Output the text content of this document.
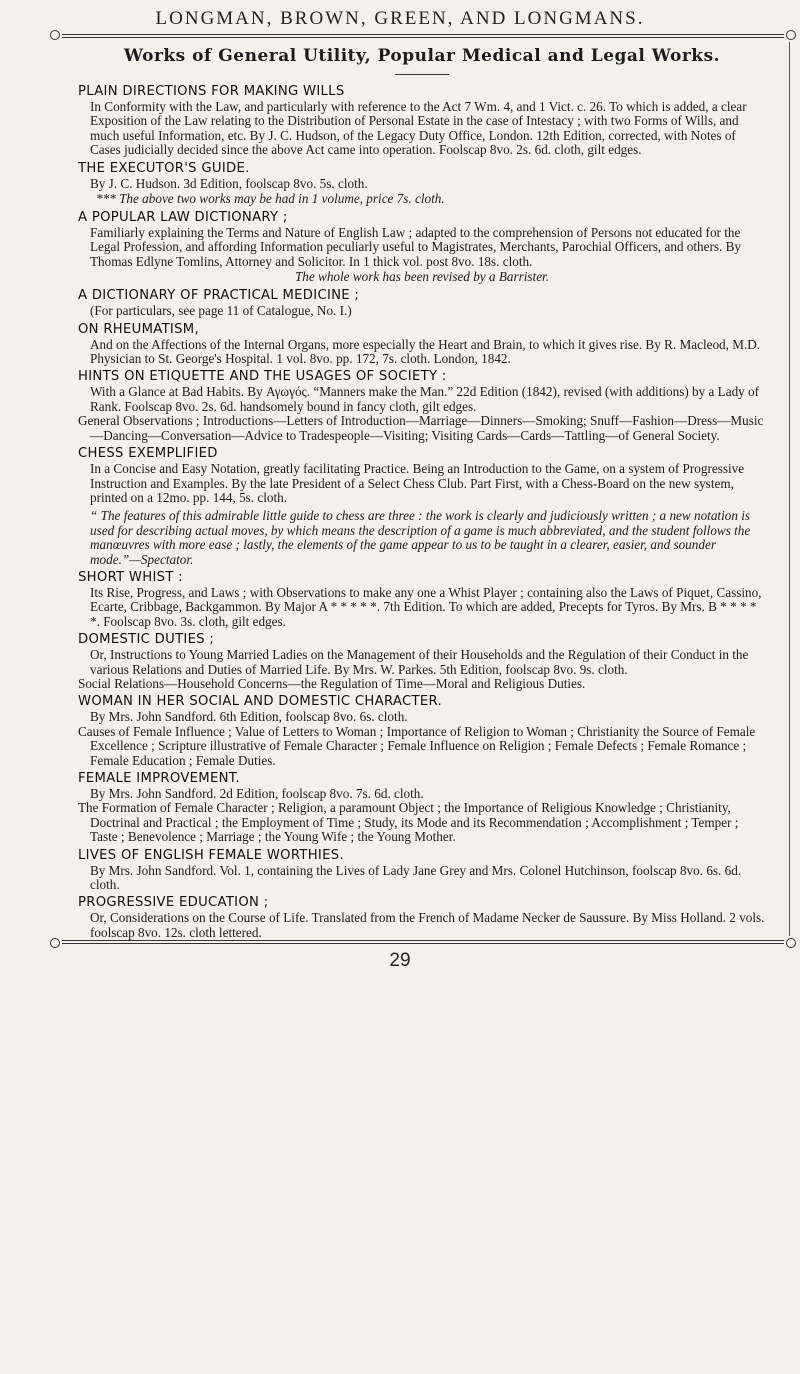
LONGMAN, BROWN, GREEN, AND LONGMANS.
Works of General Utility, Popular Medical and Legal Works.
PLAIN DIRECTIONS FOR MAKING WILLS

In Conformity with the Law, and particularly with reference to the Act 7 Wm. 4, and 1 Vict. c. 26. To which is added, a clear Exposition of the Law relating to the Distribution of Personal Estate in the case of Intestacy ; with two Forms of Wills, and much useful Information, etc. By J. C. Hudson, of the Legacy Duty Office, London. 12th Edition, corrected, with Notes of Cases judicially decided since the above Act came into operation. Foolscap 8vo. 2s. 6d. cloth, gilt edges.

THE EXECUTOR'S GUIDE.

By J. C. Hudson. 3d Edition, foolscap 8vo. 5s. cloth.

*** The above two works may be had in 1 volume, price 7s. cloth.

A POPULAR LAW DICTIONARY ;

Familiarly explaining the Terms and Nature of English Law ; adapted to the comprehension of Persons not educated for the Legal Profession, and affording Information peculiarly useful to Magistrates, Merchants, Parochial Officers, and others. By Thomas Edlyne Tomlins, Attorney and Solicitor. In 1 thick vol. post 8vo. 18s. cloth.

The whole work has been revised by a Barrister.

A DICTIONARY OF PRACTICAL MEDICINE ;

(For particulars, see page 11 of Catalogue, No. I.)

ON RHEUMATISM,

And on the Affections of the Internal Organs, more especially the Heart and Brain, to which it gives rise. By R. Macleod, M.D. Physician to St. George's Hospital. 1 vol. 8vo. pp. 172, 7s. cloth. London, 1842.

HINTS ON ETIQUETTE AND THE USAGES OF SOCIETY :

With a Glance at Bad Habits. By Αγωγός. “Manners make the Man.” 22d Edition (1842), revised (with additions) by a Lady of Rank. Foolscap 8vo. 2s. 6d. handsomely bound in fancy cloth, gilt edges.

General Observations ; Introductions—Letters of Introduction—Marriage—Dinners—Smoking; Snuff—Fashion—Dress—Music—Dancing—Conversation—Advice to Tradespeople—Visiting; Visiting Cards—Cards—Tattling—of General Society.

CHESS EXEMPLIFIED

In a Concise and Easy Notation, greatly facilitating Practice. Being an Introduction to the Game, on a system of Progressive Instruction and Examples. By the late President of a Select Chess Club. Part First, with a Chess-Board on the new system, printed on a 12mo. pp. 144, 5s. cloth.

“ The features of this admirable little guide to chess are three : the work is clearly and judiciously written ; a new notation is used for describing actual moves, by which means the description of a game is much abbreviated, and the student follows the manœuvres with more ease ; lastly, the elements of the game appear to us to be taught in a clearer, easier, and sounder mode.”—Spectator.

SHORT WHIST :

Its Rise, Progress, and Laws ; with Observations to make any one a Whist Player ; containing also the Laws of Piquet, Cassino, Ecarte, Cribbage, Backgammon. By Major A * * * * *. 7th Edition. To which are added, Precepts for Tyros. By Mrs. B * * * * *. Foolscap 8vo. 3s. cloth, gilt edges.

DOMESTIC DUTIES ;

Or, Instructions to Young Married Ladies on the Management of their Households and the Regulation of their Conduct in the various Relations and Duties of Married Life. By Mrs. W. Parkes. 5th Edition, foolscap 8vo. 9s. cloth.

Social Relations—Household Concerns—the Regulation of Time—Moral and Religious Duties.

WOMAN IN HER SOCIAL AND DOMESTIC CHARACTER.

By Mrs. John Sandford. 6th Edition, foolscap 8vo. 6s. cloth.

Causes of Female Influence ; Value of Letters to Woman ; Importance of Religion to Woman ; Christianity the Source of Female Excellence ; Scripture illustrative of Female Character ; Female Influence on Religion ; Female Defects ; Female Romance ; Female Education ; Female Duties.

FEMALE IMPROVEMENT.

By Mrs. John Sandford. 2d Edition, foolscap 8vo. 7s. 6d. cloth.

The Formation of Female Character ; Religion, a paramount Object ; the Importance of Religious Knowledge ; Christianity, Doctrinal and Practical ; the Employment of Time ; Study, its Mode and its Recommendation ; Accomplishment ; Temper ; Taste ; Benevolence ; Marriage ; the Young Wife ; the Young Mother.

LIVES OF ENGLISH FEMALE WORTHIES.

By Mrs. John Sandford. Vol. 1, containing the Lives of Lady Jane Grey and Mrs. Colonel Hutchinson, foolscap 8vo. 6s. 6d. cloth.

PROGRESSIVE EDUCATION ;

Or, Considerations on the Course of Life. Translated from the French of Madame Necker de Saussure. By Miss Holland. 2 vols. foolscap 8vo. 12s. cloth lettered.

29
